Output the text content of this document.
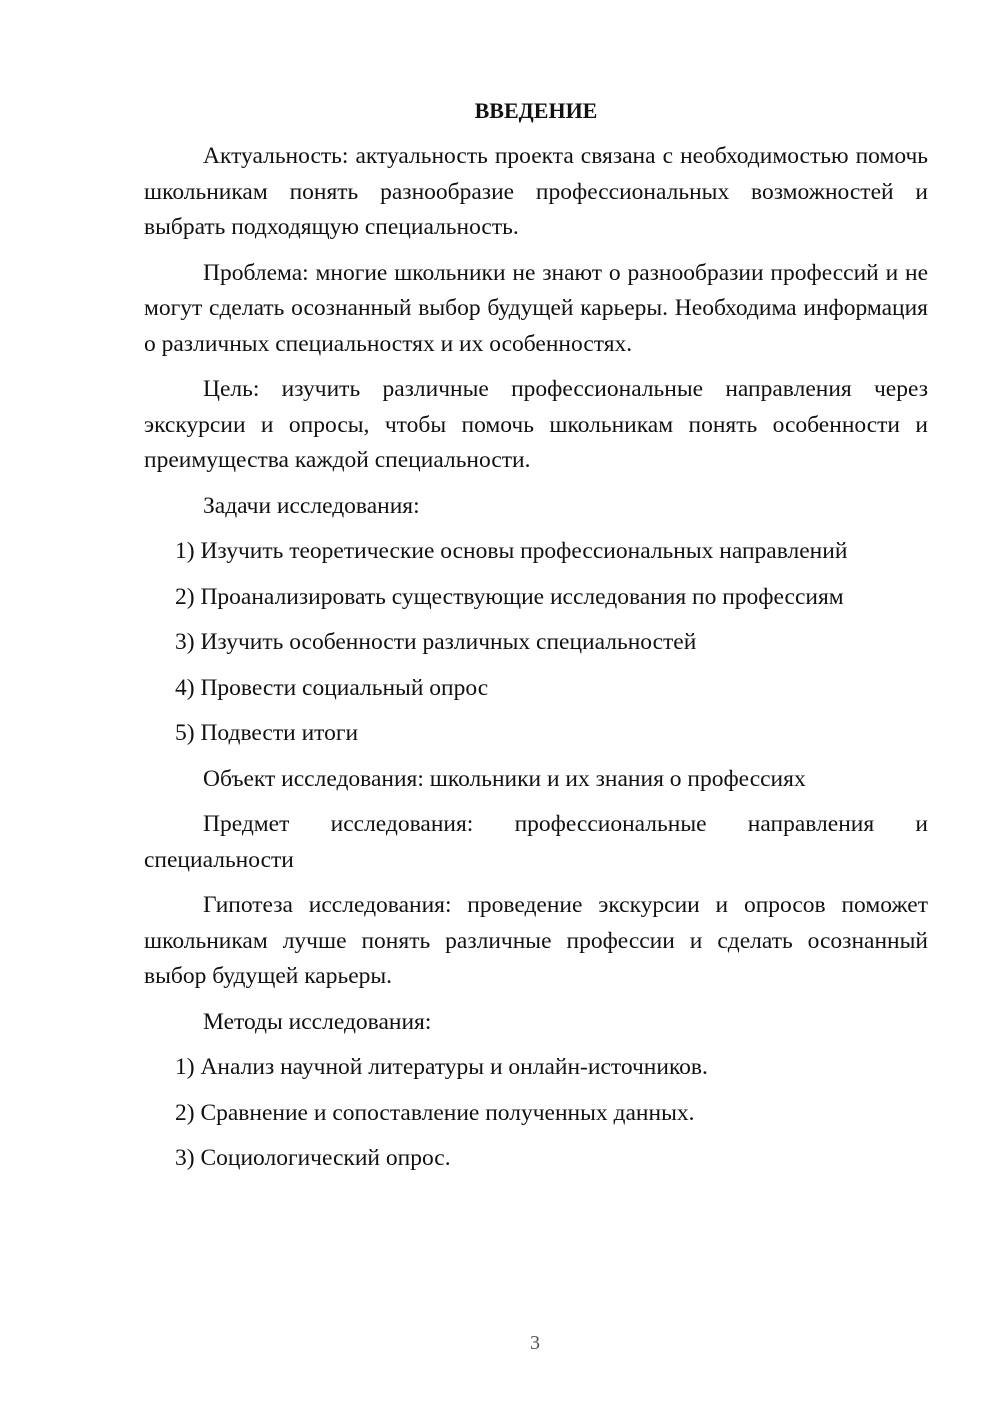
ВВЕДЕНИЕ
Актуальность: актуальность проекта связана с необходимостью помочь школьникам понять разнообразие профессиональных возможностей и выбрать подходящую специальность.
Проблема: многие школьники не знают о разнообразии профессий и не могут сделать осознанный выбор будущей карьеры. Необходима информация о различных специальностях и их особенностях.
Цель: изучить различные профессиональные направления через экскурсии и опросы, чтобы помочь школьникам понять особенности и преимущества каждой специальности.
Задачи исследования:
1) Изучить теоретические основы профессиональных направлений
2) Проанализировать существующие исследования по профессиям
3) Изучить особенности различных специальностей
4) Провести социальный опрос
5) Подвести итоги
Объект исследования: школьники и их знания о профессиях
Предмет исследования: профессиональные направления и специальности
Гипотеза исследования: проведение экскурсии и опросов поможет школьникам лучше понять различные профессии и сделать осознанный выбор будущей карьеры.
Методы исследования:
1) Анализ научной литературы и онлайн-источников.
2) Сравнение и сопоставление полученных данных.
3) Социологический опрос.
3
